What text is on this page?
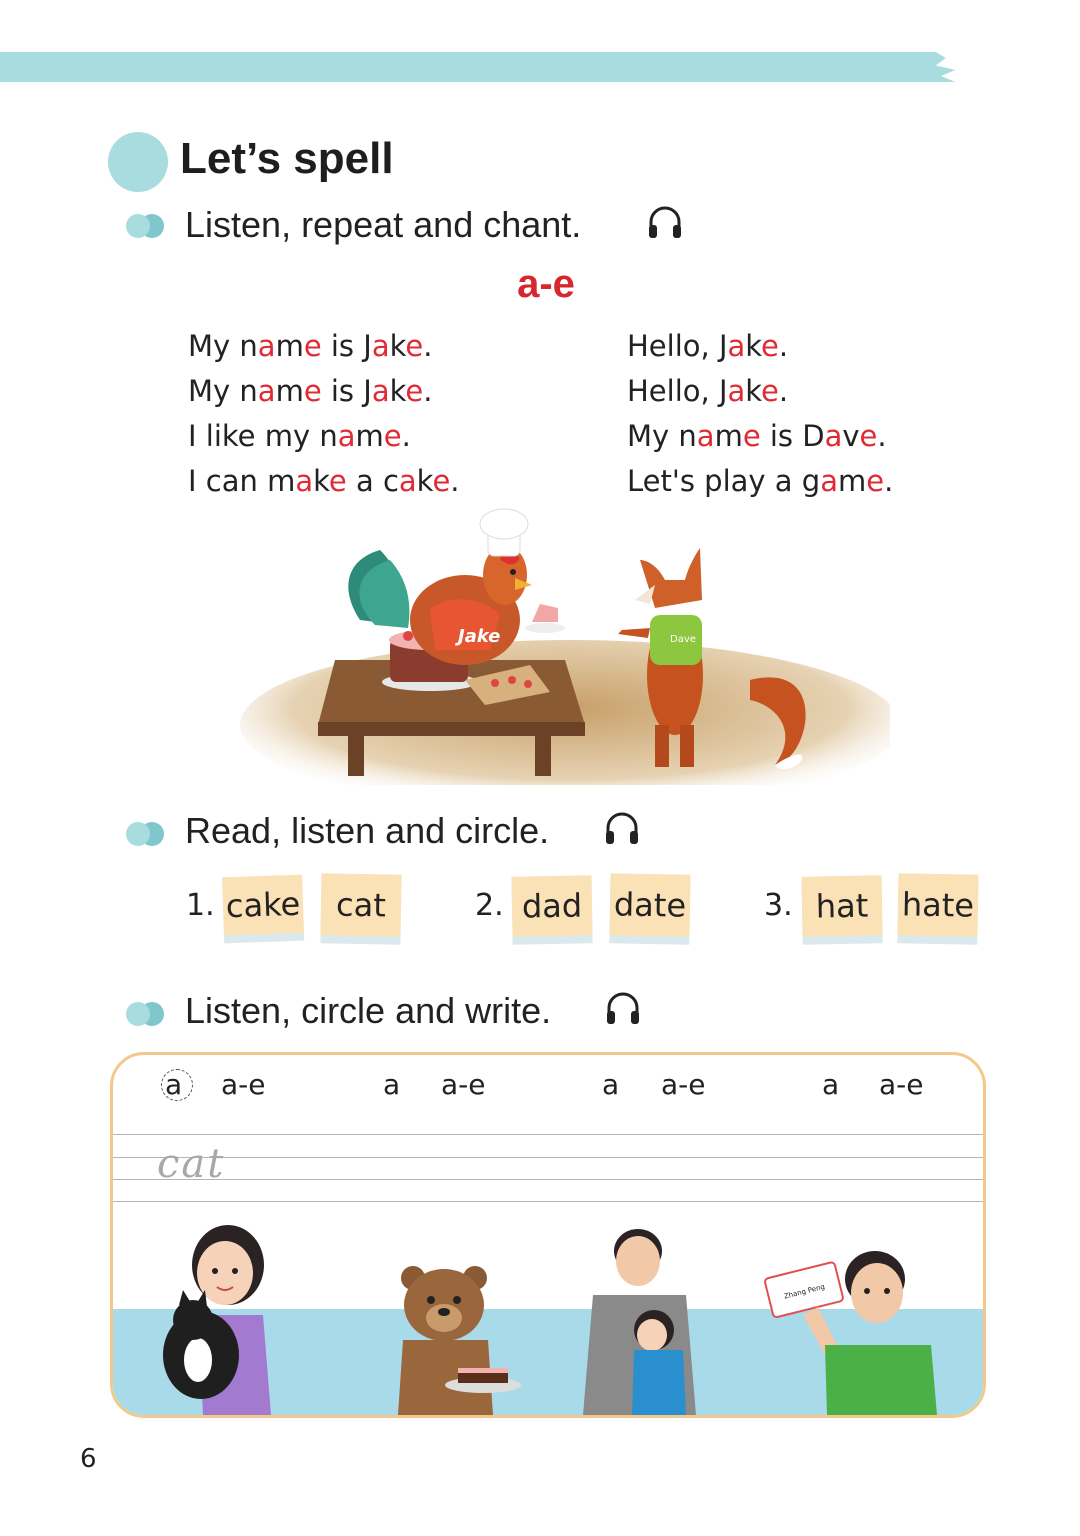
Let’s spell
Listen, repeat and chant.
a-e
My name is Jake.
My name is Jake.
I like my name.
I can make a cake.
Hello, Jake.
Hello, Jake.
My name is Dave.
Let's play a game.
Jake	Dave
Read, listen and circle.
1. cake	cat	2. dad date	3. hat	hate
Listen, circle and write.
a a-e	a a-e	a a-e	a a-e
cat
Zhang Peng
6
